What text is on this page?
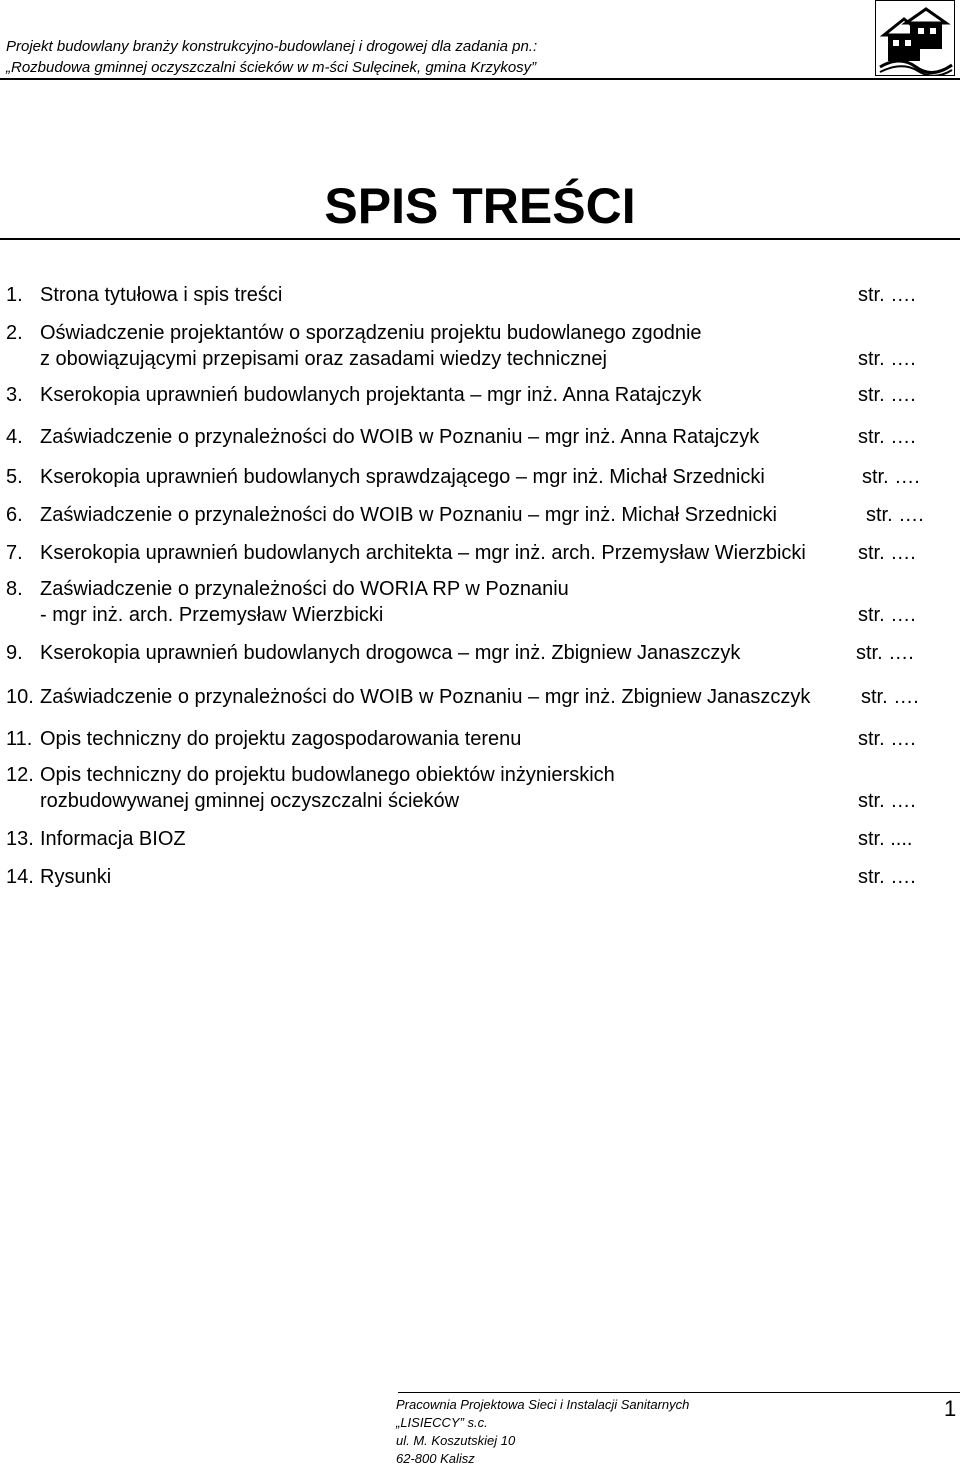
Projekt budowlany branży konstrukcyjno-budowlanej i drogowej dla zadania pn.:
„Rozbudowa gminnej oczyszczalni ścieków w m-ści Sulęcinek, gmina Krzykosy”
SPIS TREŚCI
1. Strona tytułowa i spis treści	str. ….
2. Oświadczenie projektantów o sporządzeniu projektu budowlanego zgodnie
z obowiązującymi przepisami oraz zasadami wiedzy technicznej	str. ….
3. Kserokopia uprawnień budowlanych projektanta – mgr inż. Anna Ratajczyk	str. ….
4. Zaświadczenie o przynależności do WOIB w Poznaniu – mgr inż. Anna Ratajczyk	str. ….
5. Kserokopia uprawnień budowlanych sprawdzającego – mgr inż. Michał Srzednicki	str. ….
6. Zaświadczenie o przynależności do WOIB w Poznaniu – mgr inż. Michał Srzednicki	str. ….
7. Kserokopia uprawnień budowlanych architekta – mgr inż. arch. Przemysław Wierzbicki	str. ….
8. Zaświadczenie o przynależności do WORIA RP w Poznaniu
- mgr inż. arch. Przemysław Wierzbicki	str. ….
9. Kserokopia uprawnień budowlanych drogowca – mgr inż. Zbigniew Janaszczyk	str. ….
10. Zaświadczenie o przynależności do WOIB w Poznaniu – mgr inż. Zbigniew Janaszczyk	str. ….
11. Opis techniczny do projektu zagospodarowania terenu	str. ….
12. Opis techniczny do projektu budowlanego obiektów inżynierskich
rozbudowywanej gminnej oczyszczalni ścieków	str. ….
13. Informacja BIOZ	str. ....
14. Rysunki	str. ….
Pracownia Projektowa Sieci i Instalacji Sanitarnych
„LISIECCY” s.c.
ul. M. Koszutskiej 10
62-800 Kalisz
1
